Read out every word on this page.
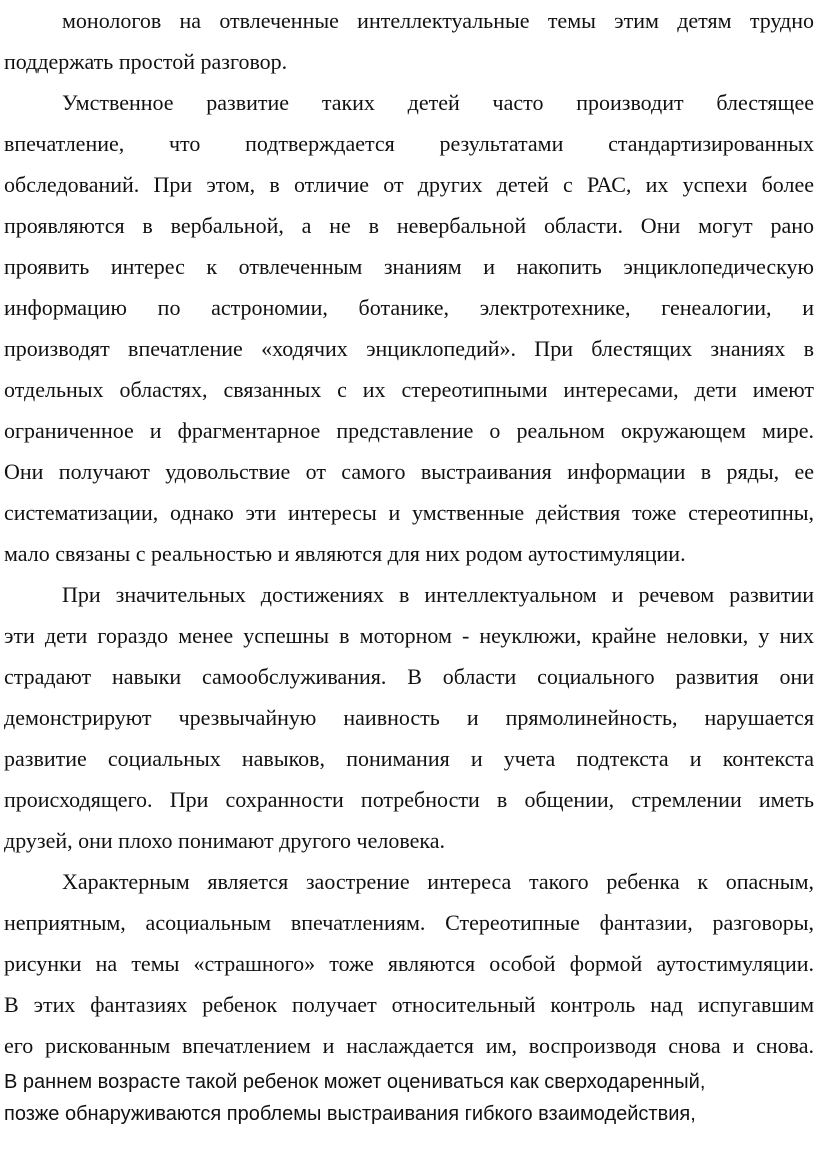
монологов на отвлеченные интеллектуальные темы этим детям трудно
поддержать простой разговор.
Умственное развитие таких детей часто производит блестящее
впечатление, что подтверждается результатами стандартизированных
обследований. При этом, в отличие от других детей с РАС, их успехи более
проявляются в вербальной, а не в невербальной области. Они могут рано
проявить интерес к отвлеченным знаниям и накопить энциклопедическую
информацию по астрономии, ботанике, электротехнике, генеалогии, и
производят впечатление «ходячих энциклопедий». При блестящих знаниях в
отдельных областях, связанных с их стереотипными интересами, дети имеют
ограниченное и фрагментарное представление о реальном окружающем мире.
Они получают удовольствие от самого выстраивания информации в ряды, ее
систематизации, однако эти интересы и умственные действия тоже стереотипны,
мало связаны с реальностью и являются для них родом аутостимуляции.
При значительных достижениях в интеллектуальном и речевом развитии
эти дети гораздо менее успешны в моторном - неуклюжи, крайне неловки, у них
страдают навыки самообслуживания. В области социального развития они
демонстрируют чрезвычайную наивность и прямолинейность, нарушается
развитие социальных навыков, понимания и учета подтекста и контекста
происходящего. При сохранности потребности в общении, стремлении иметь
друзей, они плохо понимают другого человека.
Характерным является заострение интереса такого ребенка к опасным,
неприятным, асоциальным впечатлениям. Стереотипные фантазии, разговоры,
рисунки на темы «страшного» тоже являются особой формой аутостимуляции.
В этих фантазиях ребенок получает относительный контроль над испугавшим
его рискованным впечатлением и наслаждается им, воспроизводя снова и снова.
В раннем возрасте такой ребенок может оцениваться как сверходаренный,
позже обнаруживаются проблемы выстраивания гибкого взаимодействия,
